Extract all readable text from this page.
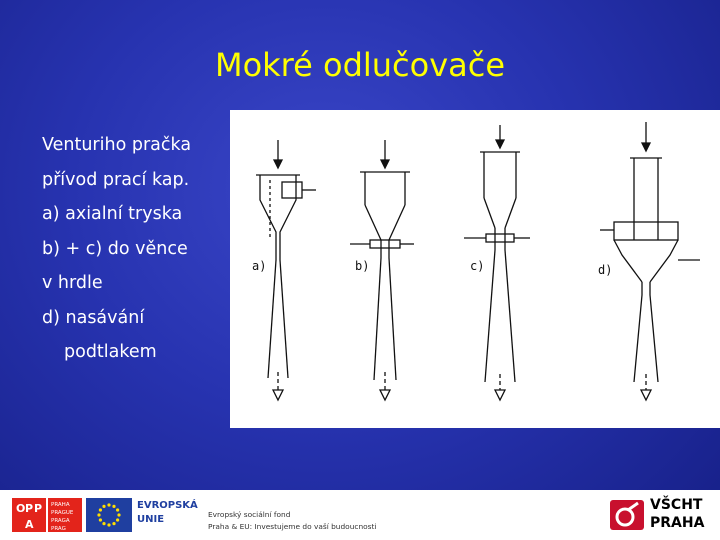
Mokré odlučovače
Venturiho pračka
přívod prací kap.
a) axialní tryska
b) + c) do věnce
v hrdle
d) nasávání
podtlakem
a)	b)	c)	d)
O P P
A
PRAHA
PRAGUE
PRAGA
PRAG
EVROPSKÁ
UNIE	Evropský sociální fond
Praha & EU: Investujeme do vaší budoucnosti
VŠCHT
PRAHA
